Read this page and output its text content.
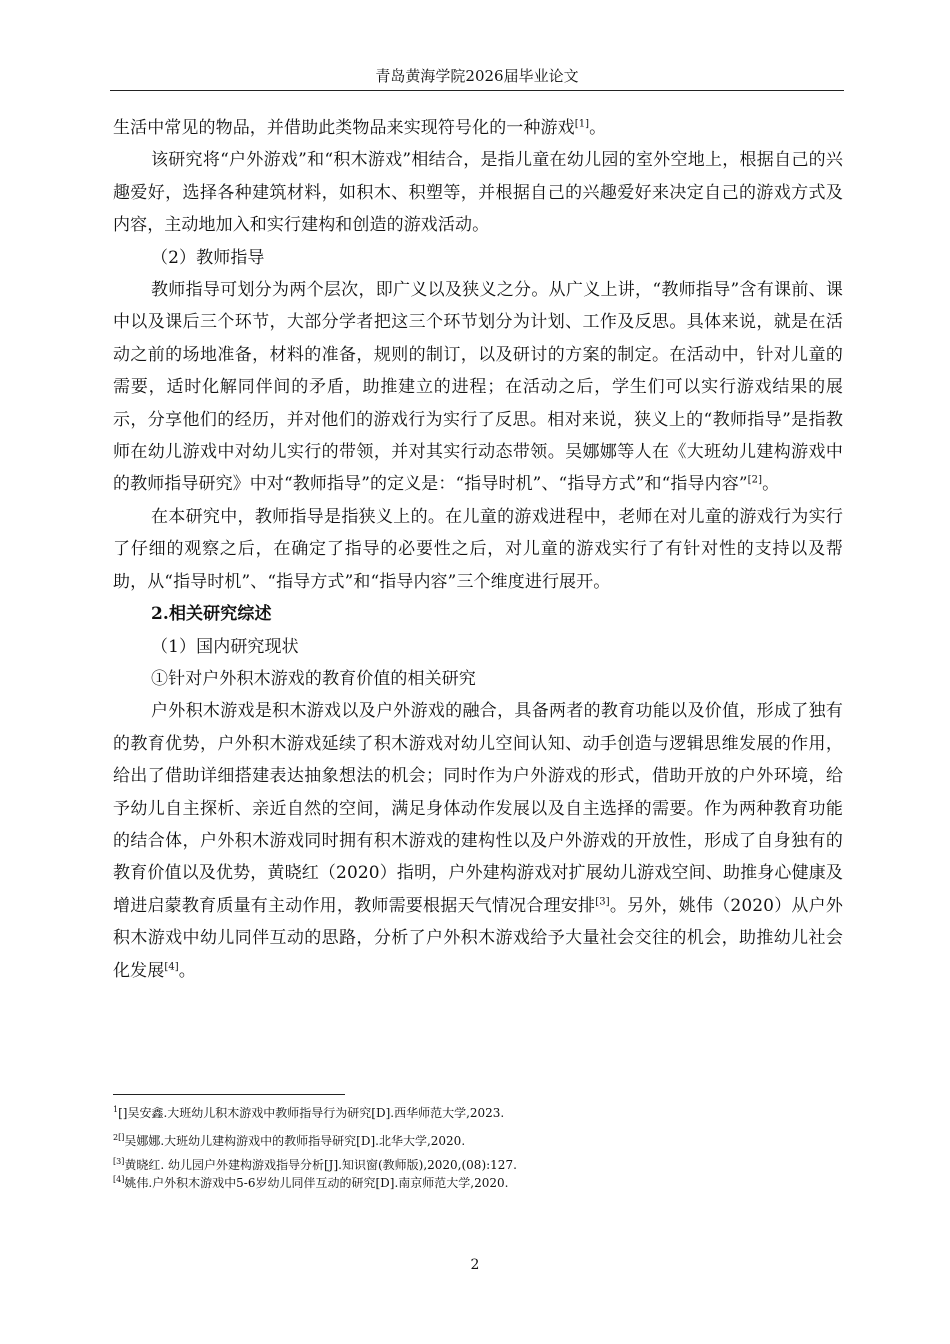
青岛黄海学院2026届毕业论文

生活中常见的物品，并借助此类物品来实现符号化的一种游戏[1]。

该研究将“户外游戏”和“积木游戏”相结合，是指儿童在幼儿园的室外空地上，根据自己的兴趣爱好，选择各种建筑材料，如积木、积塑等，并根据自己的兴趣爱好来决定自己的游戏方式及内容，主动地加入和实行建构和创造的游戏活动。

（2）教师指导

教师指导可划分为两个层次，即广义以及狭义之分。从广义上讲，“教师指导”含有课前、课中以及课后三个环节，大部分学者把这三个环节划分为计划、工作及反思。具体来说，就是在活动之前的场地准备，材料的准备，规则的制订，以及研讨的方案的制定。在活动中，针对儿童的需要，适时化解同伴间的矛盾，助推建立的进程；在活动之后，学生们可以实行游戏结果的展示，分享他们的经历，并对他们的游戏行为实行了反思。相对来说，狭义上的“教师指导”是指教师在幼儿游戏中对幼儿实行的带领，并对其实行动态带领。吴娜娜等人在《大班幼儿建构游戏中的教师指导研究》中对“教师指导”的定义是：“指导时机”、“指导方式”和“指导内容”[2]。

在本研究中，教师指导是指狭义上的。在儿童的游戏进程中，老师在对儿童的游戏行为实行了仔细的观察之后，在确定了指导的必要性之后，对儿童的游戏实行了有针对性的支持以及帮助，从“指导时机”、“指导方式”和“指导内容”三个维度进行展开。

2.相关研究综述

（1）国内研究现状

①针对户外积木游戏的教育价值的相关研究

户外积木游戏是积木游戏以及户外游戏的融合，具备两者的教育功能以及价值，形成了独有的教育优势，户外积木游戏延续了积木游戏对幼儿空间认知、动手创造与逻辑思维发展的作用，给出了借助详细搭建表达抽象想法的机会；同时作为户外游戏的形式，借助开放的户外环境，给予幼儿自主探析、亲近自然的空间，满足身体动作发展以及自主选择的需要。作为两种教育功能的结合体，户外积木游戏同时拥有积木游戏的建构性以及户外游戏的开放性，形成了自身独有的教育价值以及优势，黄晓红（2020）指明，户外建构游戏对扩展幼儿游戏空间、助推身心健康及增进启蒙教育质量有主动作用，教师需要根据天气情况合理安排[3]。另外，姚伟（2020）从户外积木游戏中幼儿同伴互动的思路，分析了户外积木游戏给予大量社会交往的机会，助推幼儿社会化发展[4]。

$^1$[]吴安鑫.大班幼儿积木游戏中教师指导行为研究[D].西华师范大学,2023.

$^{2[]}$吴娜娜.大班幼儿建构游戏中的教师指导研究[D].北华大学,2020.

[3]黄晓红. 幼儿园户外建构游戏指导分析[J].知识窗(教师版),2020,(08):127.

[4]姚伟.户外积木游戏中5-6岁幼儿同伴互动的研究[D].南京师范大学,2020.

2
